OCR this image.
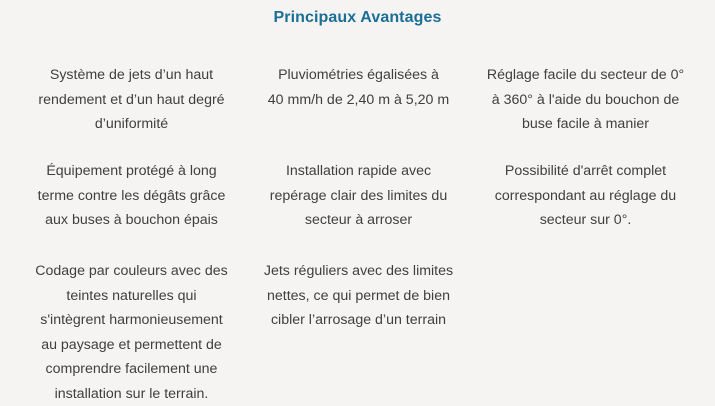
Principaux Avantages
Système de jets d’un haut
rendement et d’un haut degré
d’uniformité
Pluviométries égalisées à
40 mm/h de 2,40 m à 5,20 m
Réglage facile du secteur de 0°
à 360° à l'aide du bouchon de
buse facile à manier
Équipement protégé à long
terme contre les dégâts grâce
aux buses à bouchon épais
Installation rapide avec
repérage clair des limites du
secteur à arroser
Possibilité d'arrêt complet
correspondant au réglage du
secteur sur 0°.
Codage par couleurs avec des
teintes naturelles qui
s'intègrent harmonieusement
au paysage et permettent de
comprendre facilement une
installation sur le terrain.
Jets réguliers avec des limites
nettes, ce qui permet de bien
cibler l’arrosage d’un terrain
